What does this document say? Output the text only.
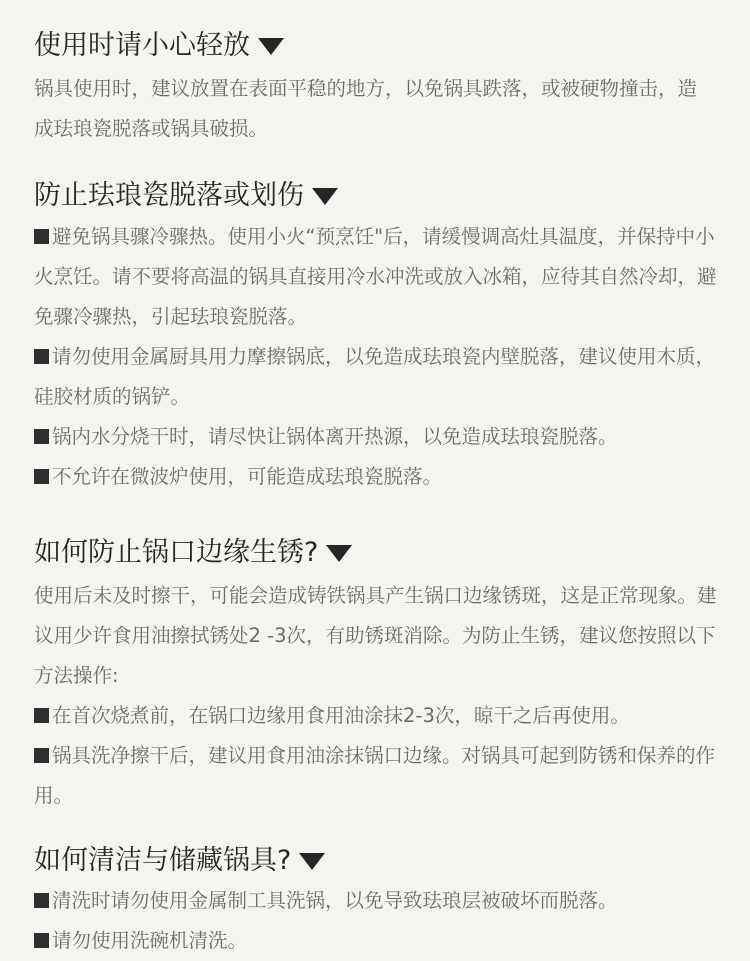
使用时请小心轻放

锅具使用时，建议放置在表面平稳的地方，以免锅具跌落，或被硬物撞击，造成珐琅瓷脱落或锅具破损。

防止珐琅瓷脱落或划伤

避免锅具骤冷骤热。使用小火“预烹饪"后，请缓慢调高灶具温度，并保持中小火烹饪。请不要将高温的锅具直接用冷水冲洗或放入冰箱，应待其自然冷却，避免骤冷骤热，引起珐琅瓷脱落。

请勿使用金属厨具用力摩擦锅底，以免造成珐琅瓷内壁脱落，建议使用木质，硅胶材质的锅铲。

锅内水分烧干时，请尽快让锅体离开热源，以免造成珐琅瓷脱落。

不允许在微波炉使用，可能造成珐琅瓷脱落。

如何防止锅口边缘生锈?

使用后未及时擦干，可能会造成铸铁锅具产生锅口边缘锈斑，这是正常现象。建议用少许食用油擦拭锈处2 -3次，有助锈斑消除。为防止生锈，建议您按照以下方法操作:

在首次烧煮前，在锅口边缘用食用油涂抹2-3次，晾干之后再使用。

锅具洗净擦干后，建议用食用油涂抹锅口边缘。对锅具可起到防锈和保养的作用。

如何清洁与储藏锅具?

清洗时请勿使用金属制工具洗锅，以免导致珐琅层被破坏而脱落。

请勿使用洗碗机清洗。
